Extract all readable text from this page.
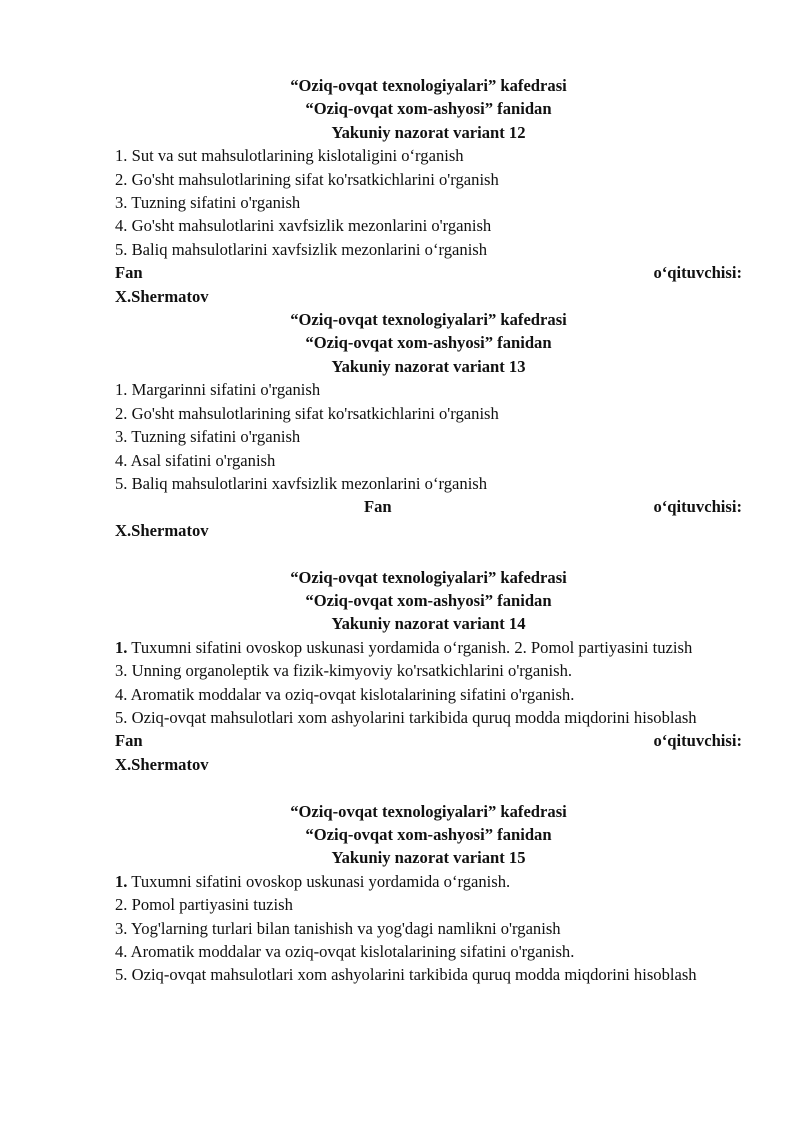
“Oziq-ovqat texnologiyalari” kafedrasi
“Oziq-ovqat xom-ashyosi” fanidan
Yakuniy nazorat variant 12
1. Sut va sut mahsulotlarining kislotaligini o‘rganish
2. Go'sht mahsulotlarining sifat ko'rsatkichlarini o'rganish
3. Tuzning sifatini o'rganish
4. Go'sht mahsulotlarini xavfsizlik mezonlarini o'rganish
5. Baliq mahsulotlarini xavfsizlik mezonlarini o‘rganish
Fan	o‘qituvchisi:
X.Shermatov
“Oziq-ovqat texnologiyalari” kafedrasi
“Oziq-ovqat xom-ashyosi” fanidan
Yakuniy nazorat variant 13
1. Margarinni sifatini o'rganish
2. Go'sht mahsulotlarining sifat ko'rsatkichlarini o'rganish
3. Tuzning sifatini o'rganish
4. Asal sifatini o'rganish
5. Baliq mahsulotlarini xavfsizlik mezonlarini o‘rganish
Fan	o‘qituvchisi:
X.Shermatov
“Oziq-ovqat texnologiyalari” kafedrasi
“Oziq-ovqat xom-ashyosi” fanidan
Yakuniy nazorat variant 14
1. Tuxumni sifatini ovoskop uskunasi yordamida o‘rganish. 2. Pomol partiyasini tuzish
3. Unning organoleptik va fizik-kimyoviy ko'rsatkichlarini o'rganish.
4. Aromatik moddalar va oziq-ovqat kislotalarining sifatini o'rganish.
5. Oziq-ovqat mahsulotlari xom ashyolarini tarkibida quruq modda miqdorini hisoblash
Fan	o‘qituvchisi:
X.Shermatov
“Oziq-ovqat texnologiyalari” kafedrasi
“Oziq-ovqat xom-ashyosi” fanidan
Yakuniy nazorat variant 15
1. Tuxumni sifatini ovoskop uskunasi yordamida o‘rganish.
2. Pomol partiyasini tuzish
3. Yog'larning turlari bilan tanishish va yog'dagi namlikni o'rganish
4. Aromatik moddalar va oziq-ovqat kislotalarining sifatini o'rganish.
5. Oziq-ovqat mahsulotlari xom ashyolarini tarkibida quruq modda miqdorini hisoblash
